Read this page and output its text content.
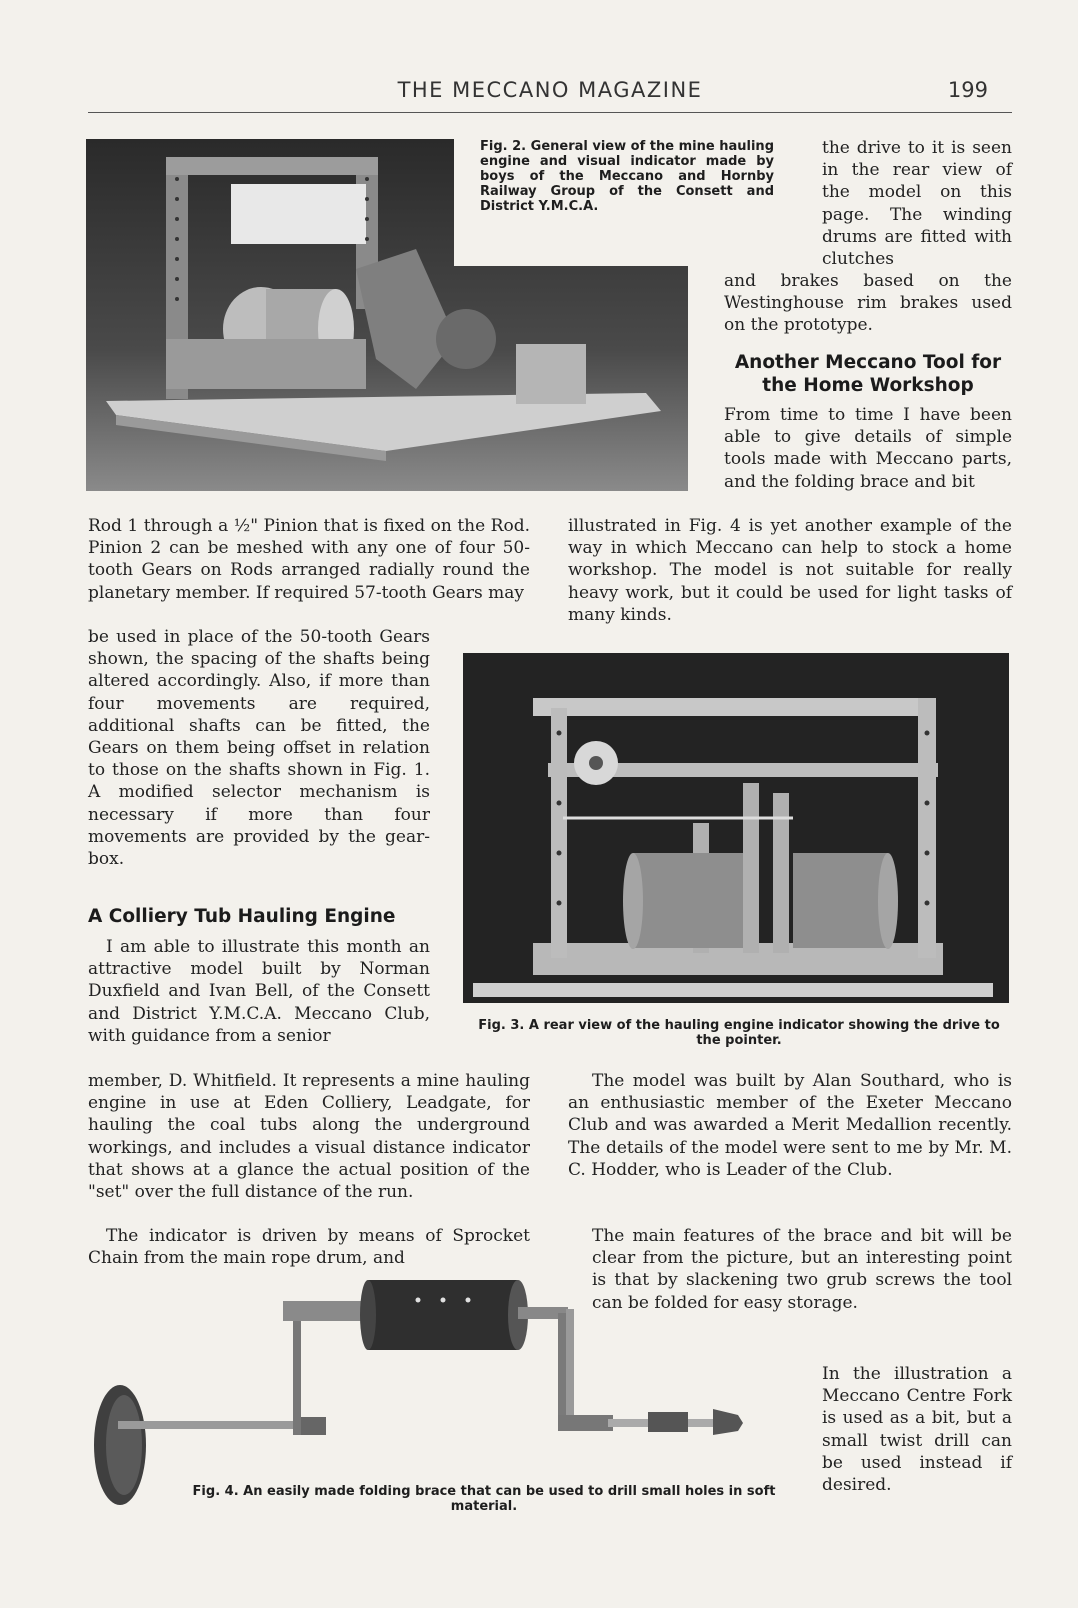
THE MECCANO MAGAZINE	199
Fig. 2. General view of the mine hauling engine and visual indicator made by boys of the Meccano and Hornby Railway Group of the Consett and District Y.M.C.A.

the drive to it is seen in the rear view of the model on this page. The winding drums are fitted with clutches

and brakes based on the Westinghouse rim brakes used on the prototype.

Another Meccano Tool for the Home Workshop

From time to time I have been able to give details of simple tools made with Meccano parts, and the folding brace and bit

illustrated in Fig. 4 is yet another example of the way in which Meccano can help to stock a home workshop. The model is not suitable for really heavy work, but it could be used for light tasks of many kinds.

Rod 1 through a ½" Pinion that is fixed on the Rod. Pinion 2 can be meshed with any one of four 50-tooth Gears on Rods arranged radially round the planetary member. If required 57-tooth Gears may

be used in place of the 50-tooth Gears shown, the spacing of the shafts being altered accordingly. Also, if more than four movements are required, additional shafts can be fitted, the Gears on them being offset in relation to those on the shafts shown in Fig. 1. A modified selector mechanism is necessary if more than four movements are provided by the gear-box.

A Colliery Tub Hauling Engine

I am able to illustrate this month an attractive model built by Norman Duxfield and Ivan Bell, of the Consett and District Y.M.C.A. Meccano Club, with guidance from a senior

member, D. Whitfield. It represents a mine hauling engine in use at Eden Colliery, Leadgate, for hauling the coal tubs along the underground workings, and includes a visual distance indicator that shows at a glance the actual position of the "set" over the full distance of the run.

The indicator is driven by means of Sprocket Chain from the main rope drum, and

Fig. 3. A rear view of the hauling engine indicator showing the drive to the pointer.

The model was built by Alan Southard, who is an enthusiastic member of the Exeter Meccano Club and was awarded a Merit Medallion recently. The details of the model were sent to me by Mr. M. C. Hodder, who is Leader of the Club.

The main features of the brace and bit will be clear from the picture, but an interesting point is that by slackening two grub screws the tool can be folded for easy storage.

In the illustration a Meccano Centre Fork is used as a bit, but a small twist drill can be used instead if desired.

Fig. 4. An easily made folding brace that can be used to drill small holes in soft material.
